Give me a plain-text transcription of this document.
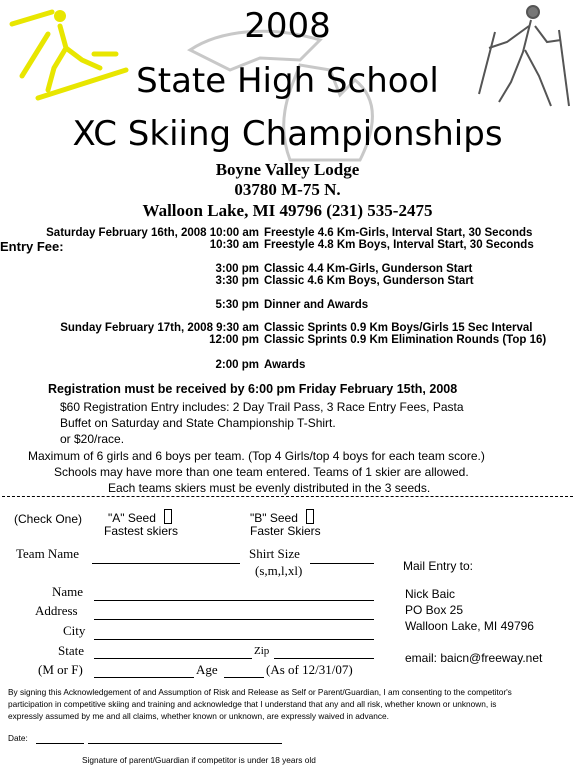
2008
State High School
XC Skiing Championships
Boyne Valley Lodge
03780 M-75 N.
Walloon Lake, MI 49796 (231) 535-2475
Entry Fee:
Saturday February 16th, 2008 10:00 am Freestyle 4.6 Km-Girls, Interval Start, 30 Seconds
10:30 am Freestyle 4.8 Km Boys, Interval Start, 30 Seconds
3:00 pm Classic 4.4 Km-Girls, Gunderson Start
3:30 pm Classic 4.6 Km Boys, Gunderson Start
5:30 pm Dinner and Awards
Sunday February 17th, 2008 9:30 am Classic Sprints 0.9 Km Boys/Girls 15 Sec Interval
12:00 pm Classic Sprints 0.9 Km Elimination Rounds (Top 16)
2:00 pm Awards
Registration must be received by 6:00 pm Friday February 15th, 2008
$60 Registration Entry includes: 2 Day Trail Pass, 3 Race Entry Fees, Pasta
Buffet on Saturday and State Championship T-Shirt.
or $20/race.
Maximum of 6 girls and 6 boys per team. (Top 4 Girls/top 4 boys for each team score.)
Schools may have more than one team entered. Teams of 1 skier are allowed.
Each teams skiers must be evenly distributed in the 3 seeds.
(Check One) "A" Seed
Fastest skiers
"B" Seed
Faster Skiers
Team Name	Shirt Size
(s,m,l,xl)
Name
Address
City
State	Zip
(M or F)	Age	(As of 12/31/07)
Mail Entry to:
Nick Baic
PO Box 25
Walloon Lake, MI 49796
email: baicn@freeway.net
By signing this Acknowledgement of and Assumption of Risk and Release as Self or Parent/Guardian, I am consenting to the competitor's
participation in competitive skiing and training and acknowledge that I understand that any and all risk, whether known or unknown, is
expressly assumed by me and all claims, whether known or unknown, are expressly waived in advance.
Date:
Signature of parent/Guardian if competitor is under 18 years old
